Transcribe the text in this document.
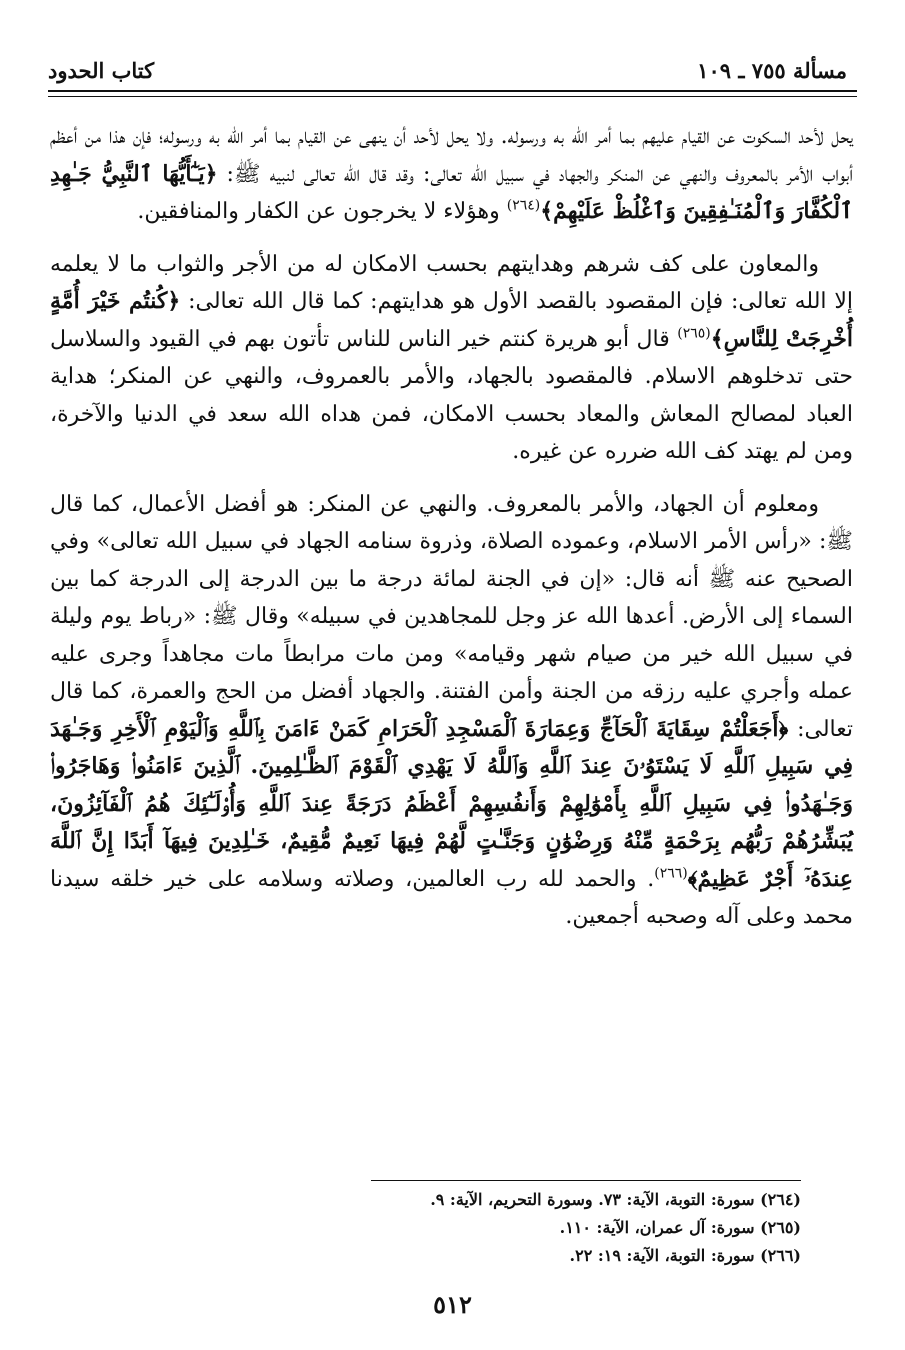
مسألة ٧٥٥ ـ ١٠٩
كتاب الحدود

يحل لأحد السكوت عن القيام عليهم بما أمر الله به ورسوله. ولا يحل لأحد أن ينهى عن القيام بما أمر الله به ورسوله؛ فإن هذا من أعظم أبواب الأمر بالمعروف والنهي عن المنكر والجهاد في سبيل الله تعالى: وقد قال الله تعالى لنبيه ﷺ: ﴿يَـٰٓأَيُّهَا ٱلنَّبِيُّ جَـٰهِدِ ٱلْكُفَّارَ وَٱلْمُنَـٰفِقِينَ وَٱغْلُظْ عَلَيْهِمْ﴾$^{(٢٦٤)}$ وهؤلاء لا يخرجون عن الكفار والمنافقين.

والمعاون على كف شرهم وهدايتهم بحسب الامكان له من الأجر والثواب ما لا يعلمه إلا الله تعالى: فإن المقصود بالقصد الأول هو هدايتهم: كما قال الله تعالى: ﴿كُنتُم خَيْرَ أُمَّةٍ أُخْرِجَتْ لِلنَّاسِ﴾$^{(٢٦٥)}$ قال أبو هريرة كنتم خير الناس للناس تأتون بهم في القيود والسلاسل حتى تدخلوهم الاسلام. فالمقصود بالجهاد، والأمر بالعمروف، والنهي عن المنكر؛ هداية العباد لمصالح المعاش والمعاد بحسب الامكان، فمن هداه الله سعد في الدنيا والآخرة، ومن لم يهتد كف الله ضرره عن غيره.

ومعلوم أن الجهاد، والأمر بالمعروف. والنهي عن المنكر: هو أفضل الأعمال، كما قال ﷺ: «رأس الأمر الاسلام، وعموده الصلاة، وذروة سنامه الجهاد في سبيل الله تعالى» وفي الصحيح عنه ﷺ أنه قال: «إن في الجنة لمائة درجة ما بين الدرجة إلى الدرجة كما بين السماء إلى الأرض. أعدها الله عز وجل للمجاهدين في سبيله» وقال ﷺ: «رباط يوم وليلة في سبيل الله خير من صيام شهر وقيامه» ومن مات مرابطاً مات مجاهداً وجرى عليه عمله وأجري عليه رزقه من الجنة وأمن الفتنة. والجهاد أفضل من الحج والعمرة، كما قال تعالى: ﴿أَجَعَلْتُمْ سِقَايَةَ ٱلْحَآجِّ وَعِمَارَةَ ٱلْمَسْجِدِ ٱلْحَرَامِ كَمَنْ ءَامَنَ بِٱللَّهِ وَٱلْيَوْمِ ٱلْأَخِرِ وَجَـٰهَدَ فِي سَبِيلِ ٱللَّهِ لَا يَسْتَوُۥنَ عِندَ ٱللَّهِ وَٱللَّهُ لَا يَهْدِي ٱلْقَوْمَ ٱلظَّـٰلِمِينَ. ٱلَّذِينَ ءَامَنُوا۟ وَهَاجَرُوا۟ وَجَـٰهَدُوا۟ فِي سَبِيلِ ٱللَّهِ بِأَمْوَٰلِهِمْ وَأَنفُسِهِمْ أَعْظَمُ دَرَجَةً عِندَ ٱللَّهِ وَأُو۟لَـٰٓئِكَ هُمُ ٱلْفَآئِزُونَ، يُبَشِّرُهُمْ رَبُّهُم بِرَحْمَةٍ مِّنْهُ وَرِضْوَٰنٍ وَجَنَّـٰتٍ لَّهُمْ فِيهَا نَعِيمٌ مُّقِيمٌ، خَـٰلِدِينَ فِيهَآ أَبَدًا إِنَّ ٱللَّهَ عِندَهُۥٓ أَجْرٌ عَظِيمٌ﴾$^{(٢٦٦)}$. والحمد لله رب العالمين، وصلاته وسلامه على خير خلقه سيدنا محمد وعلى آله وصحبه أجمعين.

(٢٦٤) سورة: التوبة، الآية: ٧٣. وسورة التحريم، الآية: ٩.
(٢٦٥) سورة: آل عمران، الآية: ١١٠.
(٢٦٦) سورة: التوبة، الآية: ١٩: ٢٢.
٥١٢
